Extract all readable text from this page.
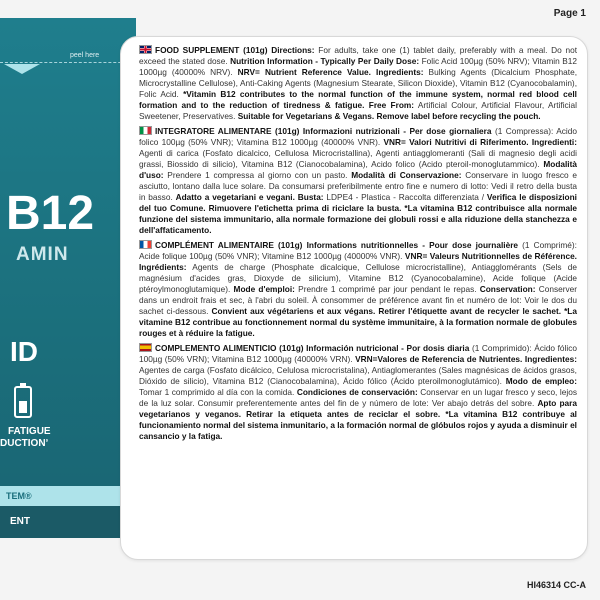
Page 1
peel here
B12
AMIN
ID
FATIGUE
DUCTIONʼ
TEM®
ENT

FOOD SUPPLEMENT (101g) Directions: For adults, take one (1) tablet daily, preferably with a meal. Do not exceed the stated dose. Nutrition Information - Typically Per Daily Dose: Folic Acid 100µg (50% NRV); Vitamin B12 1000µg (40000% NRV). NRV= Nutrient Reference Value. Ingredients: Bulking Agents (Dicalcium Phosphate, Microcrystalline Cellulose), Anti-Caking Agents (Magnesium Stearate, Silicon Dioxide), Vitamin B12 (Cyanocobalamin), Folic Acid. *Vitamin B12 contributes to the normal function of the immune system, normal red blood cell formation and to the reduction of tiredness & fatigue. Free From: Artificial Colour, Artificial Flavour, Artificial Sweetener, Preservatives. Suitable for Vegetarians & Vegans. Remove label before recycling the pouch.

INTEGRATORE ALIMENTARE (101g) Informazioni nutrizionali - Per dose giornaliera (1 Compressa): Acido folico 100µg (50% VNR); Vitamina B12 1000µg (40000% VNR). VNR= Valori Nutritivi di Riferimento. Ingredienti: Agenti di carica (Fosfato dicalcico, Cellulosa Microcristallina), Agenti antiagglomeranti (Sali di magnesio degli acidi grassi, Biossido di silicio), Vitamina B12 (Cianocobalamina), Acido folico (Acido pteroil-monoglutammico). Modalità d'uso: Prendere 1 compressa al giorno con un pasto. Modalità di Conservazione: Conservare in luogo fresco e asciutto, lontano dalla luce solare. Da consumarsi preferibilmente entro fine e numero di lotto: Vedi il retro della busta in basso. Adatto a vegetariani e vegani. Busta: LDPE4 - Plastica - Raccolta differenziata / Verifica le disposizioni del tuo Comune. Rimuovere l'etichetta prima di riciclare la busta. *La vitamina B12 contribuisce alla normale funzione del sistema immunitario, alla normale formazione dei globuli rossi e alla riduzione della stanchezza e dell'affaticamento.

COMPLÉMENT ALIMENTAIRE (101g) Informations nutritionnelles - Pour dose journalière (1 Comprimé): Acide folique 100µg (50% VNR); Vitamine B12 1000µg (40000% VNR). VNR= Valeurs Nutritionnelles de Référence. Ingrédients: Agents de charge (Phosphate dicalcique, Cellulose microcristalline), Antiagglomérants (Sels de magnésium d'acides gras, Dioxyde de silicium), Vitamine B12 (Cyanocobalamine), Acide folique (Acide ptéroylmonoglutamique). Mode d'emploi: Prendre 1 comprimé par jour pendant le repas. Conservation: Conserver dans un endroit frais et sec, à l'abri du soleil. À consommer de préférence avant fin et numéro de lot: Voir le dos du sachet ci-dessous. Convient aux végétariens et aux végans. Retirer l'étiquette avant de recycler le sachet. *La vitamine B12 contribue au fonctionnement normal du système immunitaire, à la formation normale de globules rouges et à réduire la fatigue.

COMPLEMENTO ALIMENTICIO (101g) Información nutricional - Por dosis diaria (1 Comprimido): Ácido fólico 100µg (50% VRN); Vitamina B12 1000µg (40000% VRN). VRN=Valores de Referencia de Nutrientes. Ingredientes: Agentes de carga (Fosfato dicálcico, Celulosa microcristalina), Antiaglomerantes (Sales magnésicas de ácidos grasos, Dióxido de silicio), Vitamina B12 (Cianocobalamina), Ácido fólico (Ácido pteroilmonoglutámico). Modo de empleo: Tomar 1 comprimido al día con la comida. Condiciones de conservación: Conservar en un lugar fresco y seco, lejos de la luz solar. Consumir preferentemente antes del fin de y número de lote: Ver abajo detrás del sobre. Apto para vegetarianos y veganos. Retirar la etiqueta antes de reciclar el sobre. *La vitamina B12 contribuye al funcionamiento normal del sistema inmunitario, a la formación normal de glóbulos rojos y ayuda a disminuir el cansancio y la fatiga.

HI46314 CC-A
